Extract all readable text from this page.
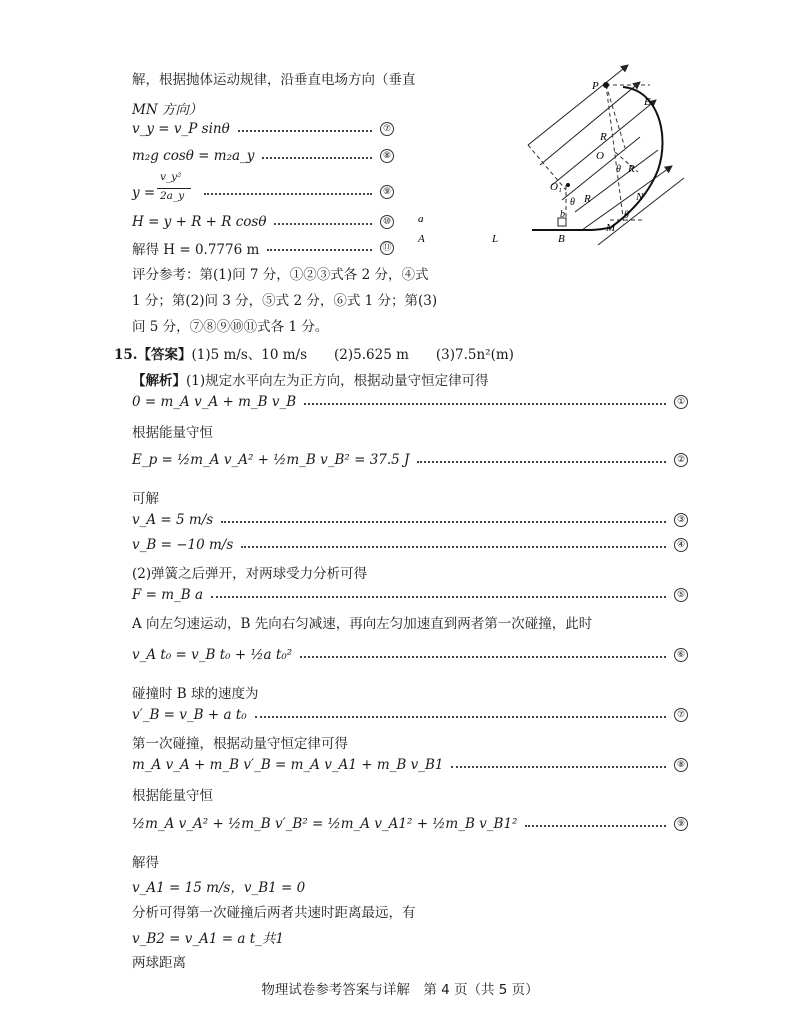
解，根据抛体运动规律，沿垂直电场方向（垂直
MN 方向）
v_y = v_P sinθ	⑦
m₂g cosθ = m₂a_y	⑧
y =
v_y²
2a_y	⑨
H = y + R + R cosθ	⑩
解得 H = 0.7776 m	⑪
评分参考：第(1)问 7 分，①②③式各 2 分，④式
1 分；第(2)问 3 分，⑤式 2 分，⑥式 1 分；第(3)
问 5 分，⑦⑧⑨⑩⑪式各 1 分。
P
E
R
O
θ R
O₁
θ R	N
b
B
M
θ
a
A	L
15.【答案】(1)5 m/s、10 m/s　　(2)5.625 m　　(3)7.5n²(m)
【解析】(1)规定水平向左为正方向，根据动量守恒定律可得
0 = m_A v_A + m_B v_B	①
根据能量守恒
E_p = ½m_A v_A² + ½m_B v_B² = 37.5 J	②
可解
v_A = 5 m/s	③
v_B = −10 m/s	④
(2)弹簧之后弹开，对两球受力分析可得
F = m_B a	⑤
A 向左匀速运动，B 先向右匀减速，再向左匀加速直到两者第一次碰撞，此时
v_A t₀ = v_B t₀ + ½a t₀²	⑥
碰撞时 B 球的速度为
v′_B = v_B + a t₀	⑦
第一次碰撞，根据动量守恒定律可得
m_A v_A + m_B v′_B = m_A v_A1 + m_B v_B1	⑧
根据能量守恒
½m_A v_A² + ½m_B v′_B² = ½m_A v_A1² + ½m_B v_B1²	⑨
解得
v_A1 = 15 m/s，v_B1 = 0
分析可得第一次碰撞后两者共速时距离最远，有
v_B2 = v_A1 = a t_共1
两球距离
物理试卷参考答案与详解　第 4 页（共 5 页）
